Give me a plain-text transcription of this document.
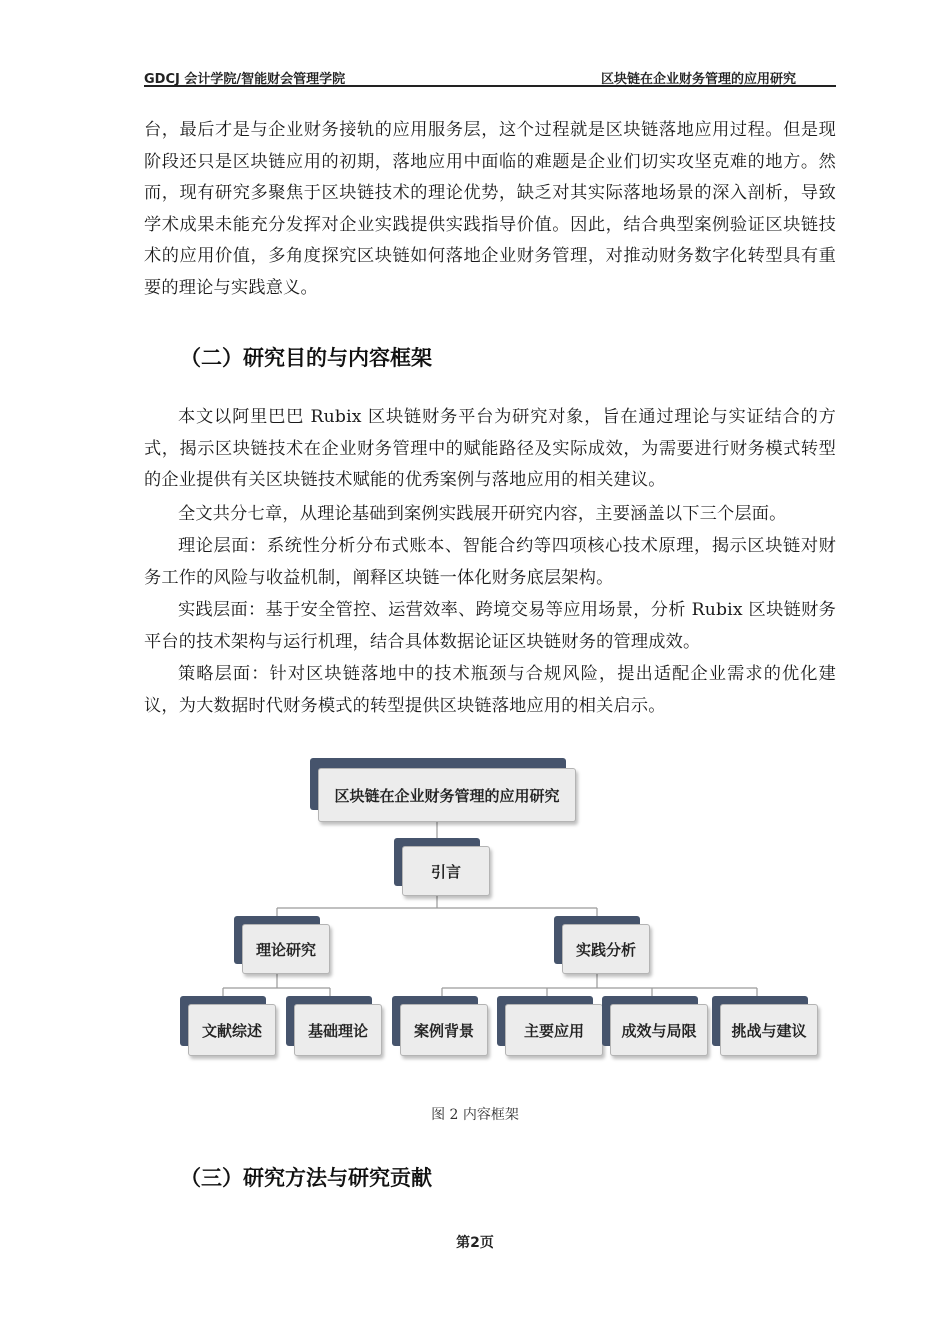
GDCJ 会计学院/智能财会管理学院	区块链在企业财务管理的应用研究

台，最后才是与企业财务接轨的应用服务层，这个过程就是区块链落地应用过程。但是现阶段还只是区块链应用的初期，落地应用中面临的难题是企业们切实攻坚克难的地方。然而，现有研究多聚焦于区块链技术的理论优势，缺乏对其实际落地场景的深入剖析，导致学术成果未能充分发挥对企业实践提供实践指导价值。因此，结合典型案例验证区块链技术的应用价值，多角度探究区块链如何落地企业财务管理，对推动财务数字化转型具有重要的理论与实践意义。

（二）研究目的与内容框架

本文以阿里巴巴 Rubix 区块链财务平台为研究对象，旨在通过理论与实证结合的方式，揭示区块链技术在企业财务管理中的赋能路径及实际成效，为需要进行财务模式转型的企业提供有关区块链技术赋能的优秀案例与落地应用的相关建议。

全文共分七章，从理论基础到案例实践展开研究内容，主要涵盖以下三个层面。

理论层面：系统性分析分布式账本、智能合约等四项核心技术原理，揭示区块链对财务工作的风险与收益机制，阐释区块链一体化财务底层架构。

实践层面：基于安全管控、运营效率、跨境交易等应用场景，分析 Rubix 区块链财务平台的技术架构与运行机理，结合具体数据论证区块链财务的管理成效。

策略层面：针对区块链落地中的技术瓶颈与合规风险，提出适配企业需求的优化建议，为大数据时代财务模式的转型提供区块链落地应用的相关启示。

区块链在企业财务管理的应用研究
引言
理论研究	实践分析
文献综述	基础理论	案例背景	主要应用	成效与局限	挑战与建议
图 2 内容框架
（三）研究方法与研究贡献
第2页
